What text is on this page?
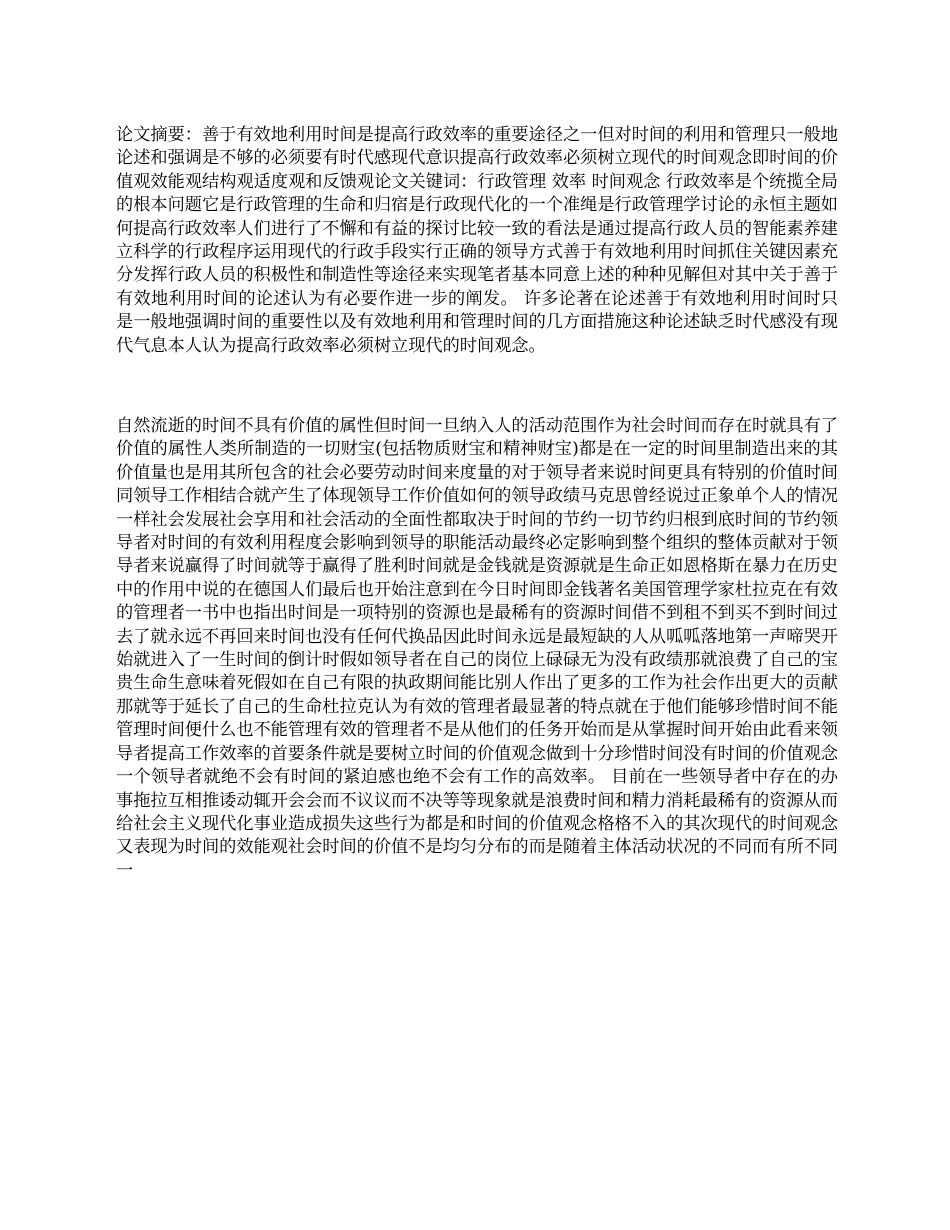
论文摘要：善于有效地利用时间是提高行政效率的重要途径之一但对时间的利用和管理只一般地论述和强调是不够的必须要有时代感现代意识提高行政效率必须树立现代的时间观念即时间的价值观效能观结构观适度观和反馈观论文关键词：行政管理 效率 时间观念 行政效率是个统揽全局的根本问题它是行政管理的生命和归宿是行政现代化的一个准绳是行政管理学讨论的永恒主题如何提高行政效率人们进行了不懈和有益的探讨比较一致的看法是通过提高行政人员的智能素养建立科学的行政程序运用现代的行政手段实行正确的领导方式善于有效地利用时间抓住关键因素充分发挥行政人员的积极性和制造性等途径来实现笔者基本同意上述的种种见解但对其中关于善于有效地利用时间的论述认为有必要作进一步的阐发。 许多论著在论述善于有效地利用时间时只是一般地强调时间的重要性以及有效地利用和管理时间的几方面措施这种论述缺乏时代感没有现代气息本人认为提高行政效率必须树立现代的时间观念。

自然流逝的时间不具有价值的属性但时间一旦纳入人的活动范围作为社会时间而存在时就具有了价值的属性人类所制造的一切财宝(包括物质财宝和精神财宝)都是在一定的时间里制造出来的其价值量也是用其所包含的社会必要劳动时间来度量的对于领导者来说时间更具有特别的价值时间同领导工作相结合就产生了体现领导工作价值如何的领导政绩马克思曾经说过正象单个人的情况一样社会发展社会享用和社会活动的全面性都取决于时间的节约一切节约归根到底时间的节约领导者对时间的有效利用程度会影响到领导的职能活动最终必定影响到整个组织的整体贡献对于领导者来说赢得了时间就等于赢得了胜利时间就是金钱就是资源就是生命正如恩格斯在暴力在历史中的作用中说的在德国人们最后也开始注意到在今日时间即金钱著名美国管理学家杜拉克在有效的管理者一书中也指出时间是一项特别的资源也是最稀有的资源时间借不到租不到买不到时间过去了就永远不再回来时间也没有任何代换品因此时间永远是最短缺的人从呱呱落地第一声啼哭开始就进入了一生时间的倒计时假如领导者在自己的岗位上碌碌无为没有政绩那就浪费了自己的宝贵生命生意味着死假如在自己有限的执政期间能比别人作出了更多的工作为社会作出更大的贡献那就等于延长了自己的生命杜拉克认为有效的管理者最显著的特点就在于他们能够珍惜时间不能管理时间便什么也不能管理有效的管理者不是从他们的任务开始而是从掌握时间开始由此看来领导者提高工作效率的首要条件就是要树立时间的价值观念做到十分珍惜时间没有时间的价值观念一个领导者就绝不会有时间的紧迫感也绝不会有工作的高效率。 目前在一些领导者中存在的办事拖拉互相推诿动辄开会会而不议议而不决等等现象就是浪费时间和精力消耗最稀有的资源从而给社会主义现代化事业造成损失这些行为都是和时间的价值观念格格不入的其次现代的时间观念又表现为时间的效能观社会时间的价值不是均匀分布的而是随着主体活动状况的不同而有所不同一
